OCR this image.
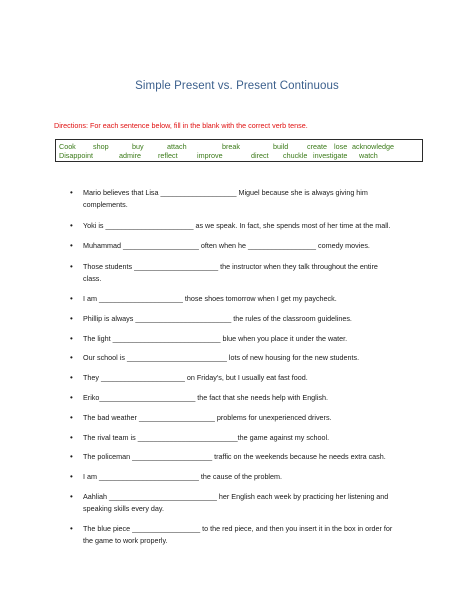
Simple Present vs. Present Continuous
Directions: For each sentence below, fill in the blank with the correct verb tense.
Cook shop	buy	attach	break	build	create lose acknowledge
Disappoint	admire reflect	improve	direct chuckle investigate watch
• Mario believes that Lisa ___________________ Miguel because she is always giving him
complements.
• Yoki is ______________________ as we speak. In fact, she spends most of her time at the mall.
• Muhammad ___________________ often when he _________________ comedy movies.
• Those students _____________________ the instructor when they talk throughout the entire
class.
• I am _____________________ those shoes tomorrow when I get my paycheck.
• Phillip is always ________________________ the rules of the classroom guidelines.
• The light ___________________________ blue when you place it under the water.
• Our school is _________________________ lots of new housing for the new students.
• They _____________________ on Friday's, but I usually eat fast food.
• Eriko________________________ the fact that she needs help with English.
• The bad weather ___________________ problems for unexperienced drivers.
• The rival team is _________________________the game against my school.
• The policeman ____________________ traffic on the weekends because he needs extra cash.
• I am _________________________ the cause of the problem.
• Aahliah ___________________________ her English each week by practicing her listening and
speaking skills every day.
• The blue piece _________________ to the red piece, and then you insert it in the box in order for
the game to work properly.
